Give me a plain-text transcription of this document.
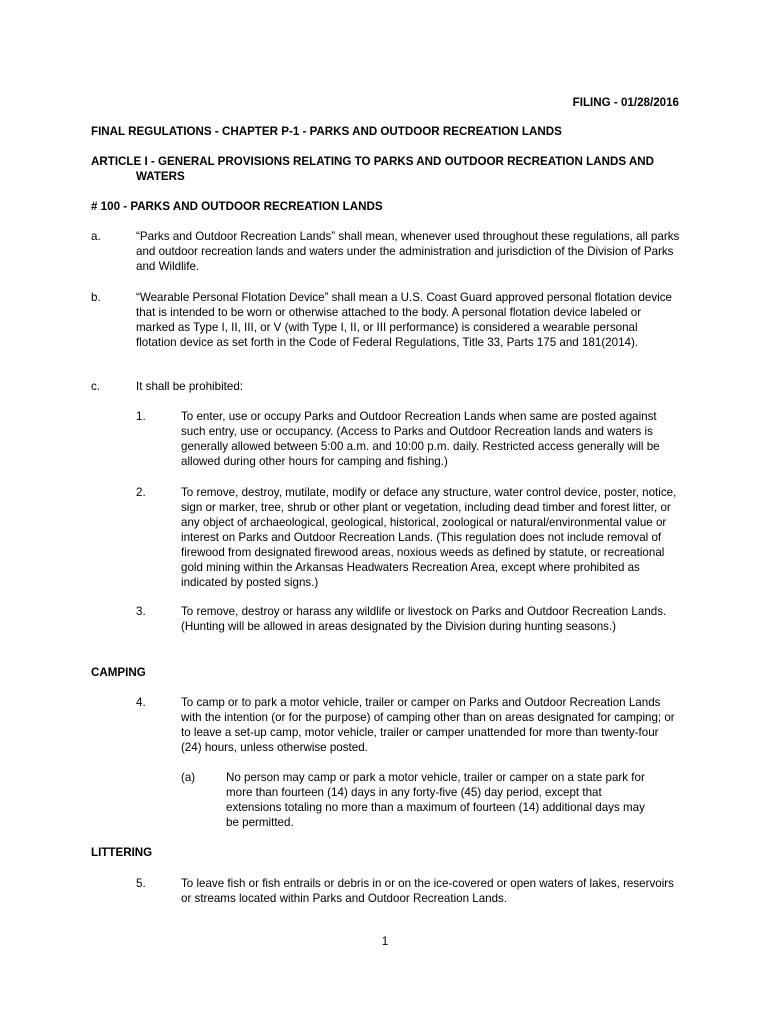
FILING - 01/28/2016
FINAL REGULATIONS - CHAPTER P-1 - PARKS AND OUTDOOR RECREATION LANDS
ARTICLE I - GENERAL PROVISIONS RELATING TO PARKS AND OUTDOOR RECREATION LANDS AND WATERS
# 100 - PARKS AND OUTDOOR RECREATION LANDS
a.	“Parks and Outdoor Recreation Lands” shall mean, whenever used throughout these regulations, all parks and outdoor recreation lands and waters under the administration and jurisdiction of the Division of Parks and Wildlife.
b.	“Wearable Personal Flotation Device” shall mean a U.S. Coast Guard approved personal flotation device that is intended to be worn or otherwise attached to the body. A personal flotation device labeled or marked as Type I, II, III, or V (with Type I, II, or III performance) is considered a wearable personal flotation device as set forth in the Code of Federal Regulations, Title 33, Parts 175 and 181(2014).
c.	It shall be prohibited:
1.	To enter, use or occupy Parks and Outdoor Recreation Lands when same are posted against such entry, use or occupancy. (Access to Parks and Outdoor Recreation lands and waters is generally allowed between 5:00 a.m. and 10:00 p.m. daily. Restricted access generally will be allowed during other hours for camping and fishing.)
2.	To remove, destroy, mutilate, modify or deface any structure, water control device, poster, notice, sign or marker, tree, shrub or other plant or vegetation, including dead timber and forest litter, or any object of archaeological, geological, historical, zoological or natural/environmental value or interest on Parks and Outdoor Recreation Lands. (This regulation does not include removal of firewood from designated firewood areas, noxious weeds as defined by statute, or recreational gold mining within the Arkansas Headwaters Recreation Area, except where prohibited as indicated by posted signs.)
3.	To remove, destroy or harass any wildlife or livestock on Parks and Outdoor Recreation Lands. (Hunting will be allowed in areas designated by the Division during hunting seasons.)
CAMPING
4.	To camp or to park a motor vehicle, trailer or camper on Parks and Outdoor Recreation Lands with the intention (or for the purpose) of camping other than on areas designated for camping; or to leave a set-up camp, motor vehicle, trailer or camper unattended for more than twenty-four (24) hours, unless otherwise posted.
(a)	No person may camp or park a motor vehicle, trailer or camper on a state park for more than fourteen (14) days in any forty-five (45) day period, except that extensions totaling no more than a maximum of fourteen (14) additional days may be permitted.
LITTERING
5.	To leave fish or fish entrails or debris in or on the ice-covered or open waters of lakes, reservoirs or streams located within Parks and Outdoor Recreation Lands.
1
